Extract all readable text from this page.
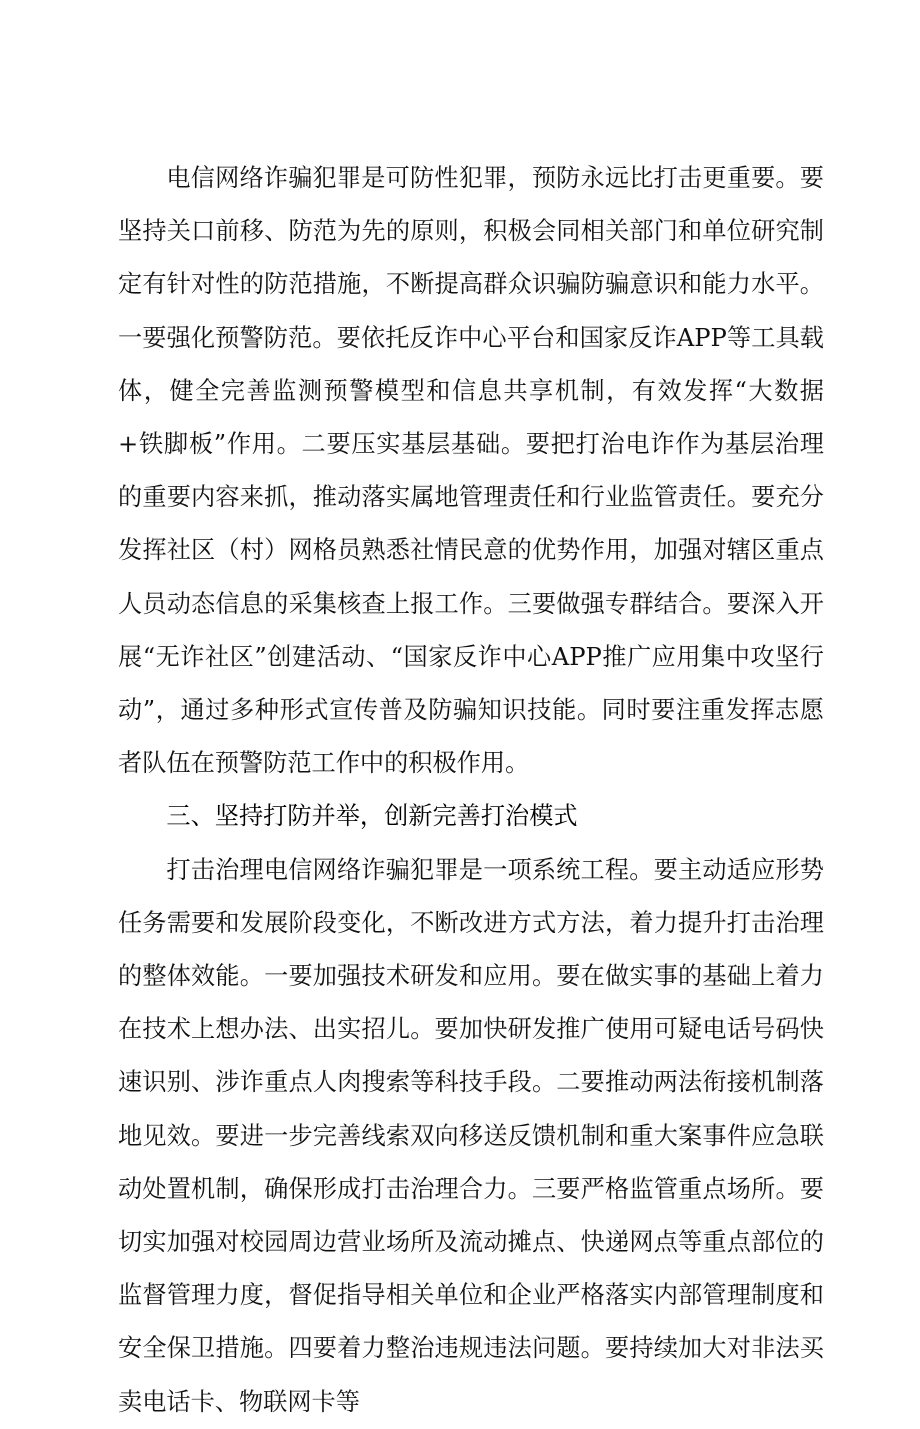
电信网络诈骗犯罪是可防性犯罪，预防永远比打击更重要。要坚持关口前移、防范为先的原则，积极会同相关部门和单位研究制定有针对性的防范措施，不断提高群众识骗防骗意识和能力水平。一要强化预警防范。要依托反诈中心平台和国家反诈APP等工具载体，健全完善监测预警模型和信息共享机制，有效发挥“大数据+铁脚板”作用。二要压实基层基础。要把打治电诈作为基层治理的重要内容来抓，推动落实属地管理责任和行业监管责任。要充分发挥社区（村）网格员熟悉社情民意的优势作用，加强对辖区重点人员动态信息的采集核查上报工作。三要做强专群结合。要深入开展“无诈社区”创建活动、“国家反诈中心APP推广应用集中攻坚行动”，通过多种形式宣传普及防骗知识技能。同时要注重发挥志愿者队伍在预警防范工作中的积极作用。

三、坚持打防并举，创新完善打治模式

打击治理电信网络诈骗犯罪是一项系统工程。要主动适应形势任务需要和发展阶段变化，不断改进方式方法，着力提升打击治理的整体效能。一要加强技术研发和应用。要在做实事的基础上着力在技术上想办法、出实招儿。要加快研发推广使用可疑电话号码快速识别、涉诈重点人肉搜索等科技手段。二要推动两法衔接机制落地见效。要进一步完善线索双向移送反馈机制和重大案事件应急联动处置机制，确保形成打击治理合力。三要严格监管重点场所。要切实加强对校园周边营业场所及流动摊点、快递网点等重点部位的监督管理力度，督促指导相关单位和企业严格落实内部管理制度和安全保卫措施。四要着力整治违规违法问题。要持续加大对非法买卖电话卡、物联网卡等
